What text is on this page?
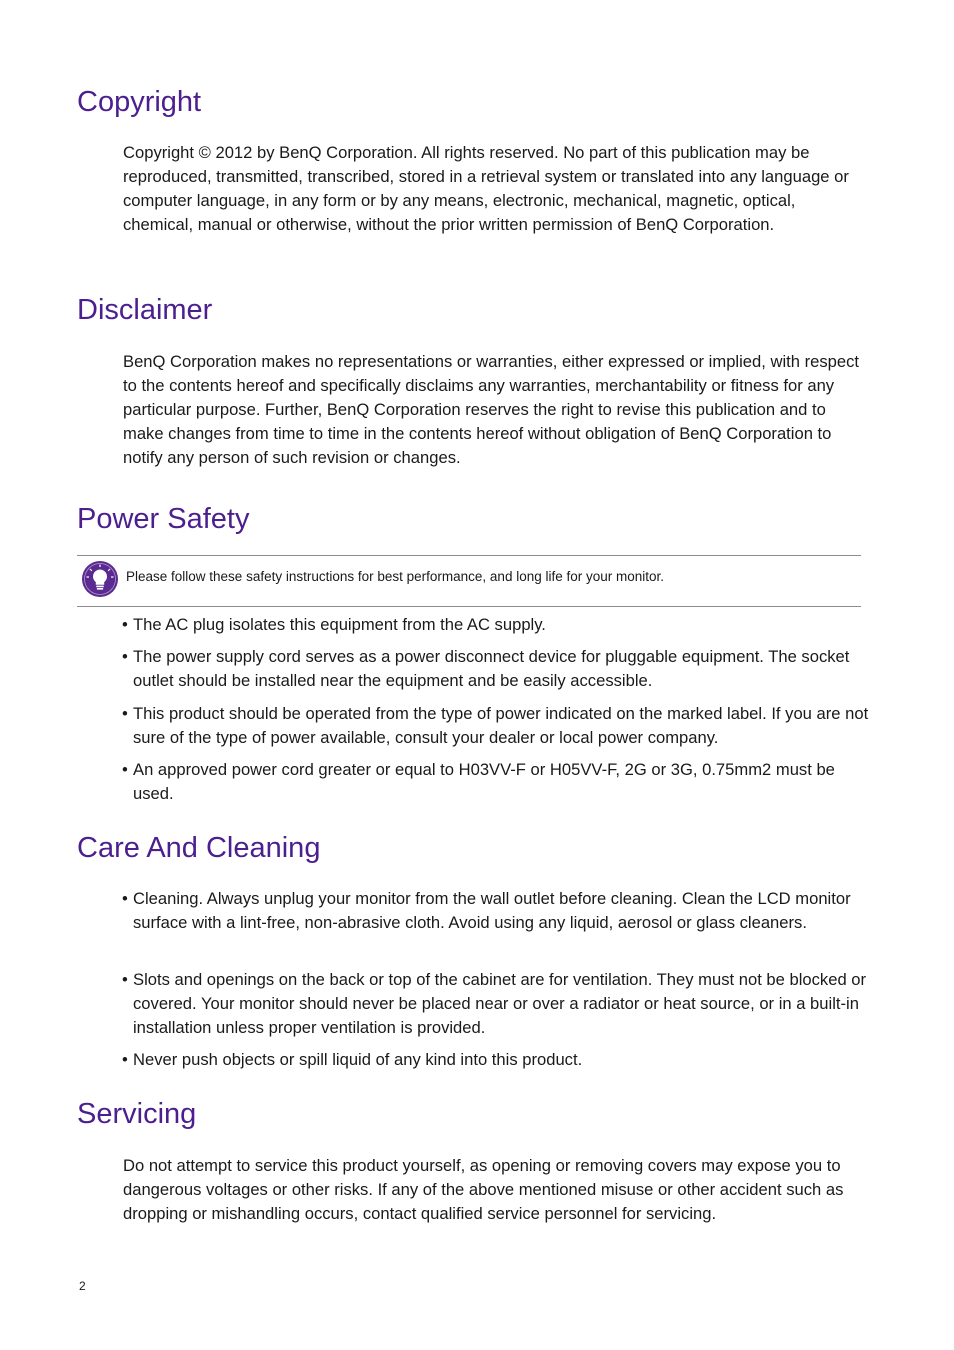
Copyright

Copyright © 2012 by BenQ Corporation. All rights reserved. No part of this publication may be reproduced, transmitted, transcribed, stored in a retrieval system or translated into any language or computer language, in any form or by any means, electronic, mechanical, magnetic, optical, chemical, manual or otherwise, without the prior written permission of BenQ Corporation.

Disclaimer

BenQ Corporation makes no representations or warranties, either expressed or implied, with respect to the contents hereof and specifically disclaims any warranties, merchantability or fitness for any particular purpose. Further, BenQ Corporation reserves the right to revise this publication and to make changes from time to time in the contents hereof without obligation of BenQ Corporation to notify any person of such revision or changes.

Power Safety
Please follow these safety instructions for best performance, and long life for your monitor.

• The AC plug isolates this equipment from the AC supply.

• The power supply cord serves as a power disconnect device for pluggable equipment. The socket outlet should be installed near the equipment and be easily accessible.

• This product should be operated from the type of power indicated on the marked label. If you are not sure of the type of power available, consult your dealer or local power company.

• An approved power cord greater or equal to H03VV-F or H05VV-F, 2G or 3G, 0.75mm2 must be used.

Care And Cleaning

• Cleaning. Always unplug your monitor from the wall outlet before cleaning. Clean the LCD monitor surface with a lint-free, non-abrasive cloth. Avoid using any liquid, aerosol or glass cleaners.

• Slots and openings on the back or top of the cabinet are for ventilation. They must not be blocked or covered. Your monitor should never be placed near or over a radiator or heat source, or in a built-in installation unless proper ventilation is provided.

• Never push objects or spill liquid of any kind into this product.

Servicing

Do not attempt to service this product yourself, as opening or removing covers may expose you to dangerous voltages or other risks. If any of the above mentioned misuse or other accident such as dropping or mishandling occurs, contact qualified service personnel for servicing.

2
